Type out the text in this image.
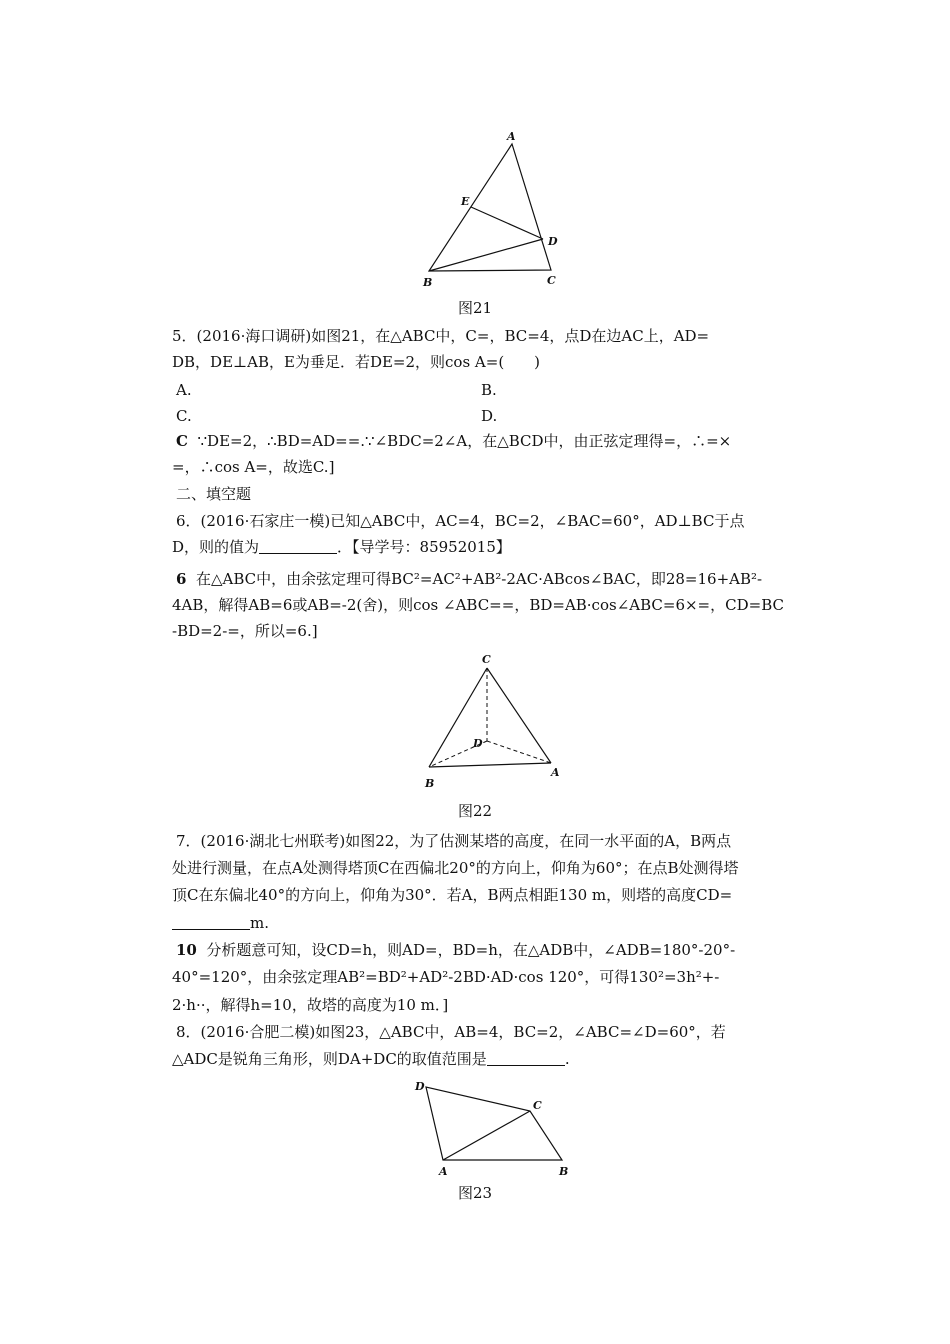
A
E
D
B	C
图21
5．(2016·海口调研)如图21，在△ABC中，C=，BC=4，点D在边AC上，AD=
DB，DE⊥AB，E为垂足．若DE=2，则cos A=(　　)
A.	B.
C.	D.
C ∵DE=2，∴BD=AD==.∵∠BDC=2∠A，在△BCD中，由正弦定理得=，∴=×
=，∴cos A=，故选C.]
二、填空题
6．(2016·石家庄一模)已知△ABC中，AC=4，BC=2，∠BAC=60°，AD⊥BC于点
D，则的值为	．【导学号：85952015】
6 在△ABC中，由余弦定理可得BC²=AC²+AB²-2AC·ABcos∠BAC，即28=16+AB²-
4AB，解得AB=6或AB=-2(舍)，则cos ∠ABC==，BD=AB·cos∠ABC=6×=，CD=BC
-BD=2-=，所以=6.]
C
D
A
B
图22
7．(2016·湖北七州联考)如图22，为了估测某塔的高度，在同一水平面的A，B两点
处进行测量，在点A处测得塔顶C在西偏北20°的方向上，仰角为60°；在点B处测得塔
顶C在东偏北40°的方向上，仰角为30°．若A，B两点相距130 m，则塔的高度CD=
m.
10 分析题意可知，设CD=h，则AD=，BD=h，在△ADB中，∠ADB=180°-20°-
40°=120°，由余弦定理AB²=BD²+AD²-2BD·AD·cos 120°，可得130²=3h²+-
2·h··，解得h=10，故塔的高度为10 m．]
8．(2016·合肥二模)如图23，△ABC中，AB=4，BC=2，∠ABC=∠D=60°，若
△ADC是锐角三角形，则DA+DC的取值范围是	.
D
C
A	B
图23
